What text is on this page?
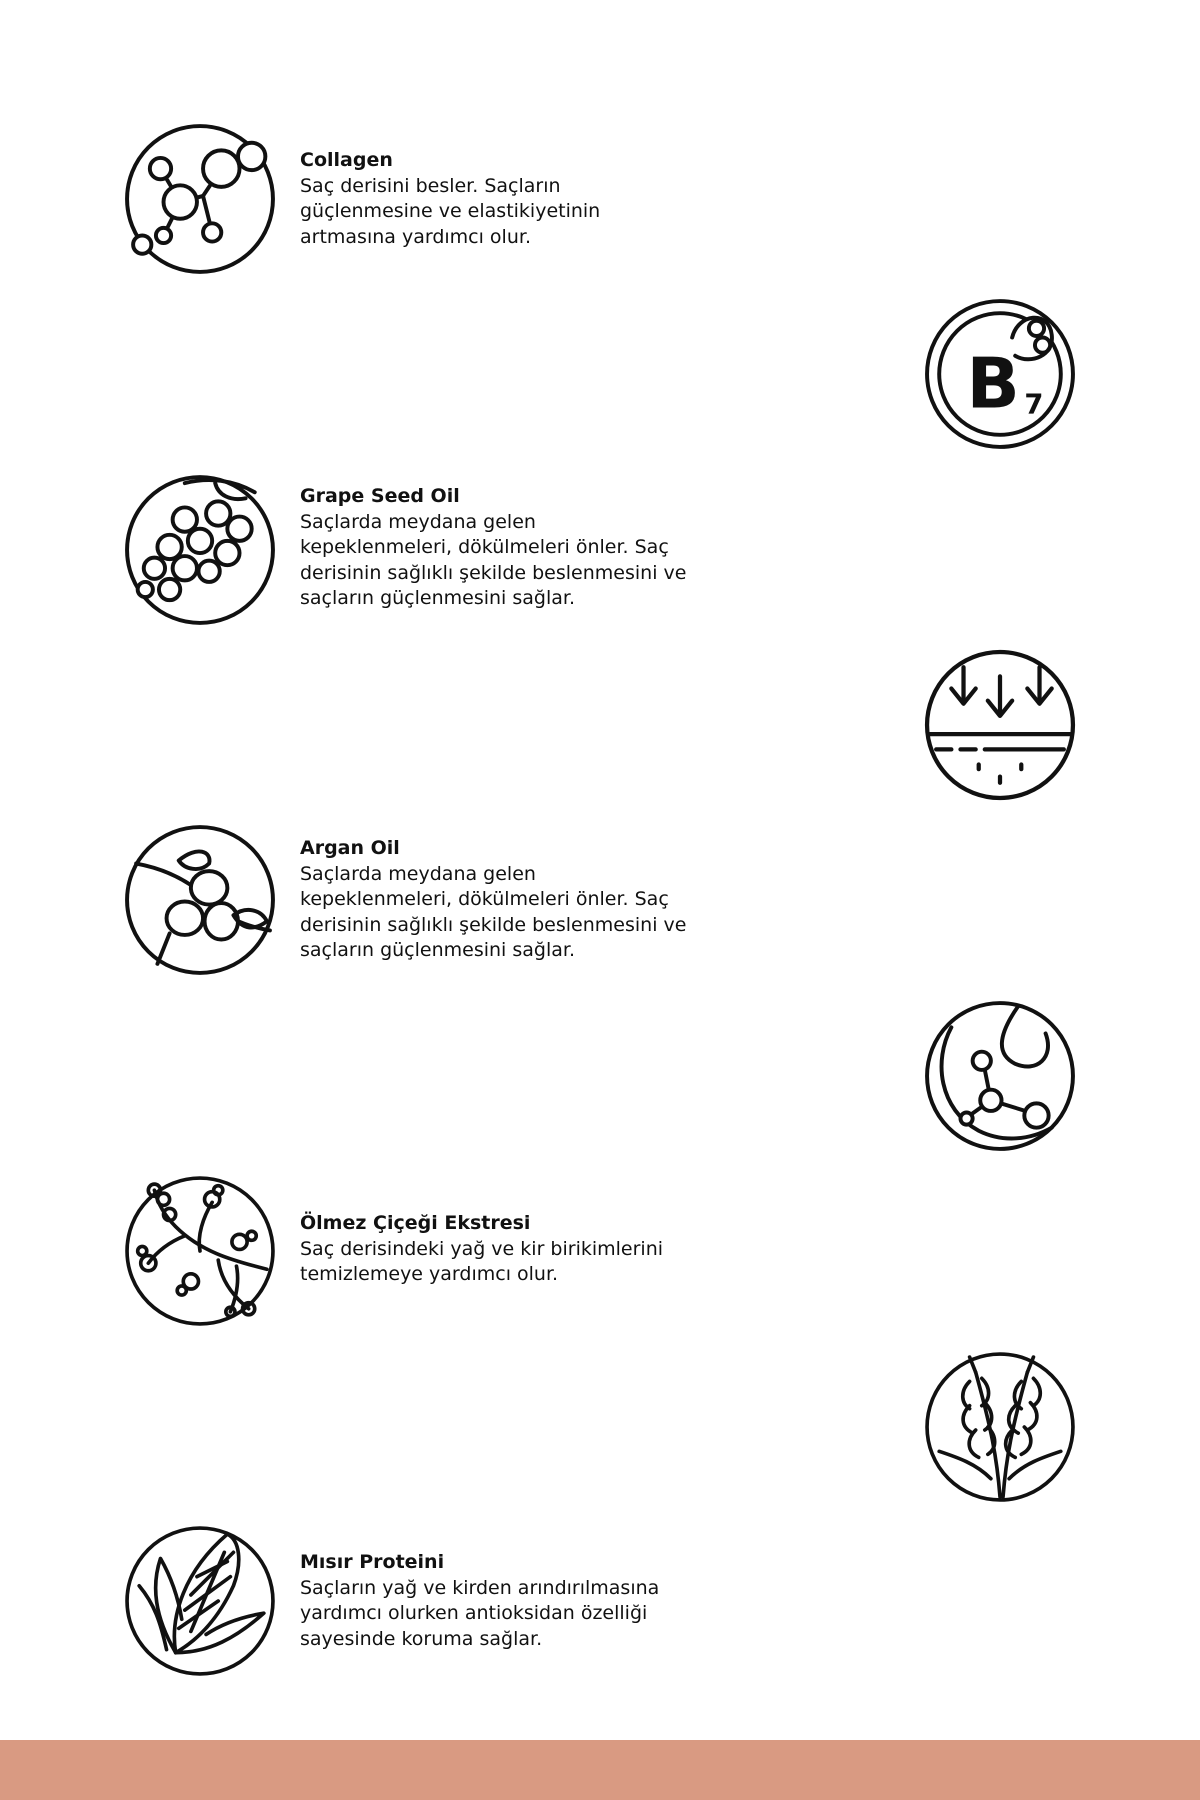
Collagen
Saç derisini besler. Saçların
güçlenmesine ve elastikiyetinin
artmasına yardımcı olur.
B 7
Grape Seed Oil
Saçlarda meydana gelen
kepeklenmeleri, dökülmeleri önler. Saç
derisinin sağlıklı şekilde beslenmesini ve
saçların güçlenmesini sağlar.
Argan Oil
Saçlarda meydana gelen
kepeklenmeleri, dökülmeleri önler. Saç
derisinin sağlıklı şekilde beslenmesini ve
saçların güçlenmesini sağlar.
Ölmez Çiçeği Ekstresi
Saç derisindeki yağ ve kir birikimlerini
temizlemeye yardımcı olur.
Mısır Proteini
Saçların yağ ve kirden arındırılmasına
yardımcı olurken antioksidan özelliği
sayesinde koruma sağlar.
